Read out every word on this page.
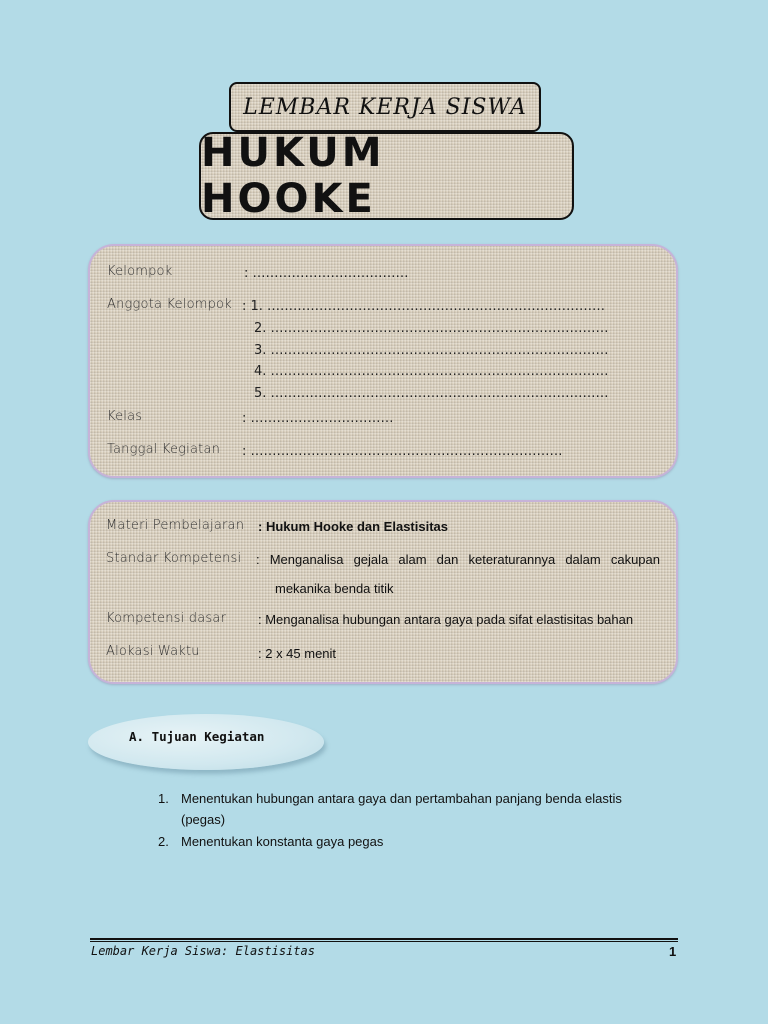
LEMBAR KERJA SISWA
HUKUM HOOKE
Kelompok	: ………………………………
Anggota Kelompok : 1. ……………………………………………………………………
2. ……………………………………………………………………
3. ……………………………………………………………………
4. ……………………………………………………………………
5. ……………………………………………………………………
Kelas	: ……………………………
Tanggal Kegiatan : ………………………………………………………………
Materi Pembelajaran : Hukum Hooke dan Elastisitas
Standar Kompetensi : Menganalisa gejala alam dan keteraturannya dalam cakupan
mekanika benda titik
Kompetensi dasar : Menganalisa hubungan antara gaya pada sifat elastisitas bahan
Alokasi Waktu	: 2 x 45 menit
A. Tujuan Kegiatan
1. Menentukan hubungan antara gaya dan pertambahan panjang benda elastis
(pegas)
2. Menentukan konstanta gaya pegas
Lembar Kerja Siswa: Elastisitas	1
